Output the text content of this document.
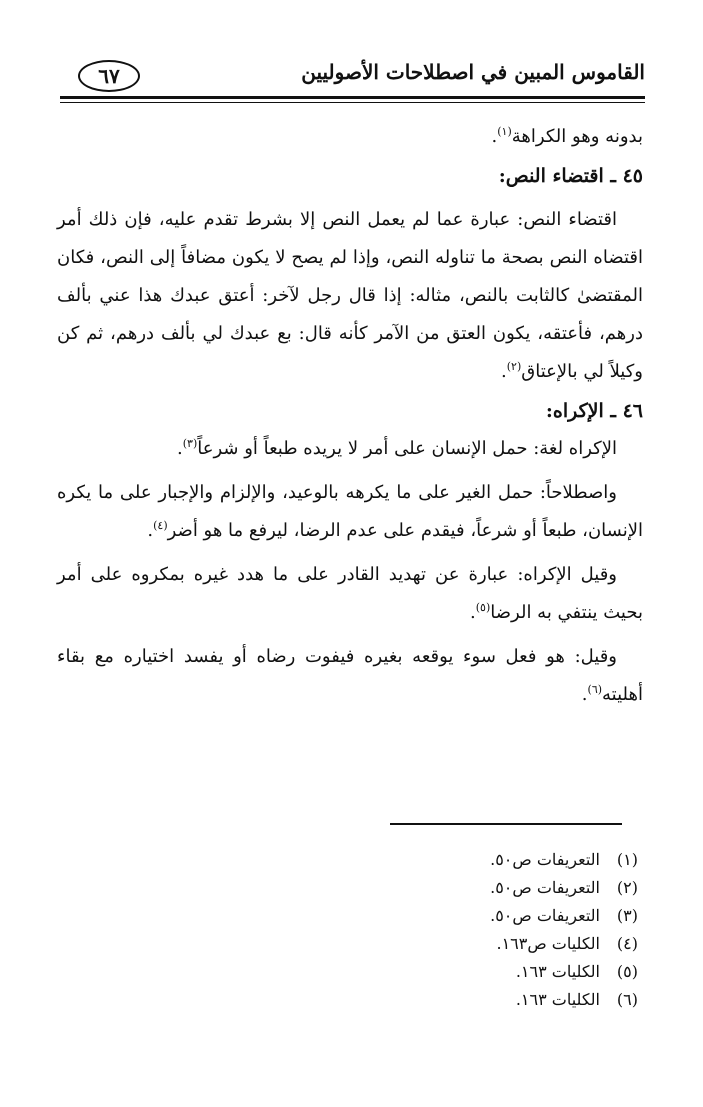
القاموس المبين في اصطلاحات الأصوليين
٦٧

بدونه وهو الكراهة$^{(١)}$.

٤٥ ـ اقتضاء النص:

اقتضاء النص: عبارة عما لم يعمل النص إلا بشرط تقدم عليه، فإن ذلك أمر اقتضاه النص بصحة ما تناوله النص، وإذا لم يصح لا يكون مضافاً إلى النص، فكان المقتضىٰ كالثابت بالنص، مثاله: إذا قال رجل لآخر: أعتق عبدك هذا عني بألف درهم، فأعتقه، يكون العتق من الآمر كأنه قال: بع عبدك لي بألف درهم، ثم كن وكيلاً لي بالإعتاق$^{(٢)}$.

٤٦ ـ الإكراه:

الإكراه لغة: حمل الإنسان على أمر لا يريده طبعاً أو شرعاً$^{(٣)}$.

واصطلاحاً: حمل الغير على ما يكرهه بالوعيد، والإلزام والإجبار على ما يكره الإنسان، طبعاً أو شرعاً، فيقدم على عدم الرضا، ليرفع ما هو أضر$^{(٤)}$.

وقيل الإكراه: عبارة عن تهديد القادر على ما هدد غيره بمكروه على أمر بحيث ينتفي به الرضا$^{(٥)}$.

وقيل: هو فعل سوء يوقعه بغيره فيفوت رضاه أو يفسد اختياره مع بقاء أهليته$^{(٦)}$.

(١)التعريفات ص٥٠.
(٢)التعريفات ص٥٠.
(٣)التعريفات ص٥٠.
(٤)الكليات ص١٦٣.
(٥)الكليات ١٦٣.
(٦)الكليات ١٦٣.
